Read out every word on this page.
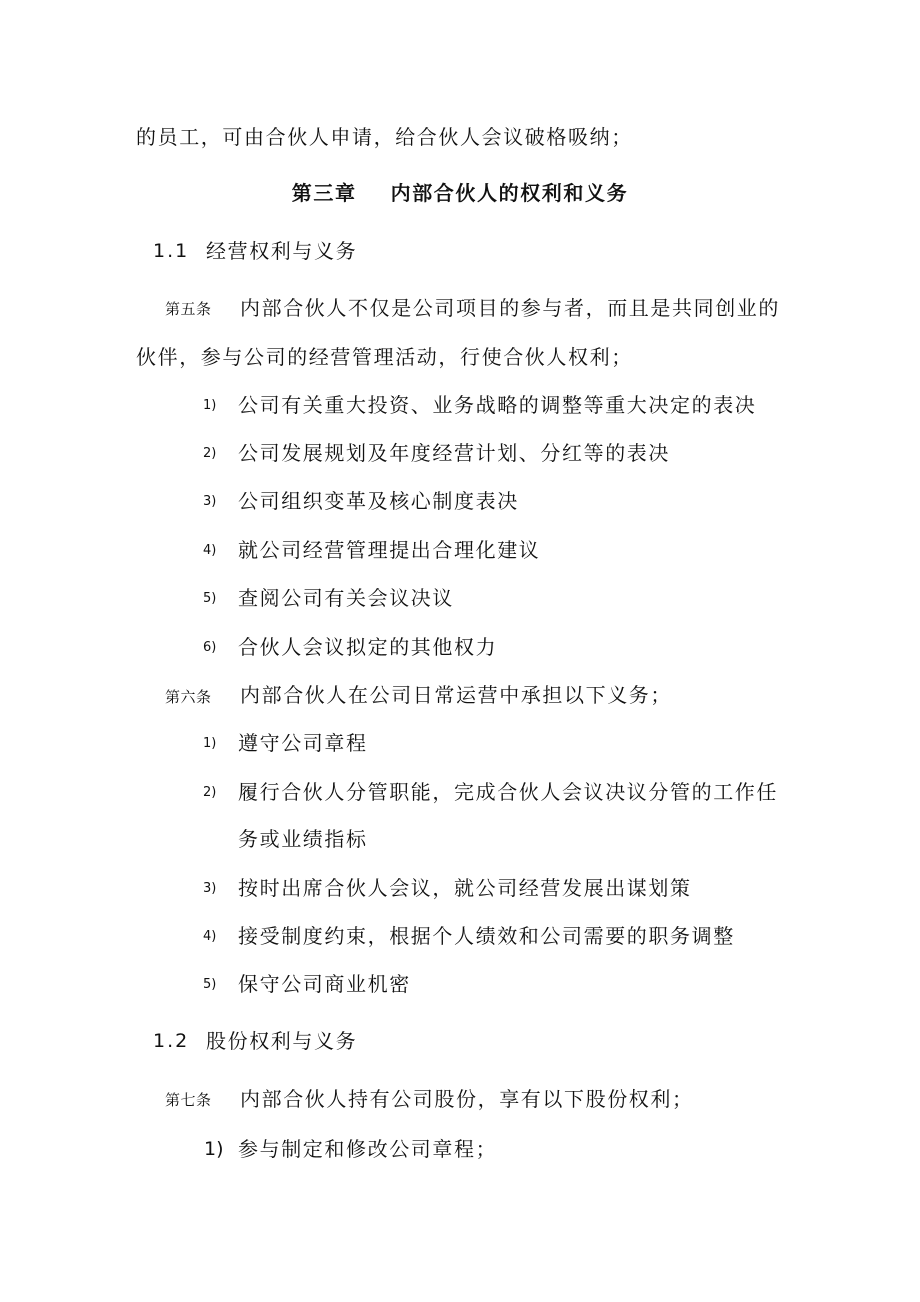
的员工，可由合伙人申请，给合伙人会议破格吸纳；
第三章 内部合伙人的权利和义务
1.1 经营权利与义务
第五条 内部合伙人不仅是公司项目的参与者，而且是共同创业的
伙伴，参与公司的经营管理活动，行使合伙人权利；
1) 公司有关重大投资、业务战略的调整等重大决定的表决
2) 公司发展规划及年度经营计划、分红等的表决
3) 公司组织变革及核心制度表决
4) 就公司经营管理提出合理化建议
5) 查阅公司有关会议决议
6) 合伙人会议拟定的其他权力
第六条 内部合伙人在公司日常运营中承担以下义务；
1) 遵守公司章程
2) 履行合伙人分管职能，完成合伙人会议决议分管的工作任
务或业绩指标
3) 按时出席合伙人会议，就公司经营发展出谋划策
4) 接受制度约束，根据个人绩效和公司需要的职务调整
5) 保守公司商业机密
1.2 股份权利与义务
第七条 内部合伙人持有公司股份，享有以下股份权利；
1) 参与制定和修改公司章程；
zixin.com.cn
